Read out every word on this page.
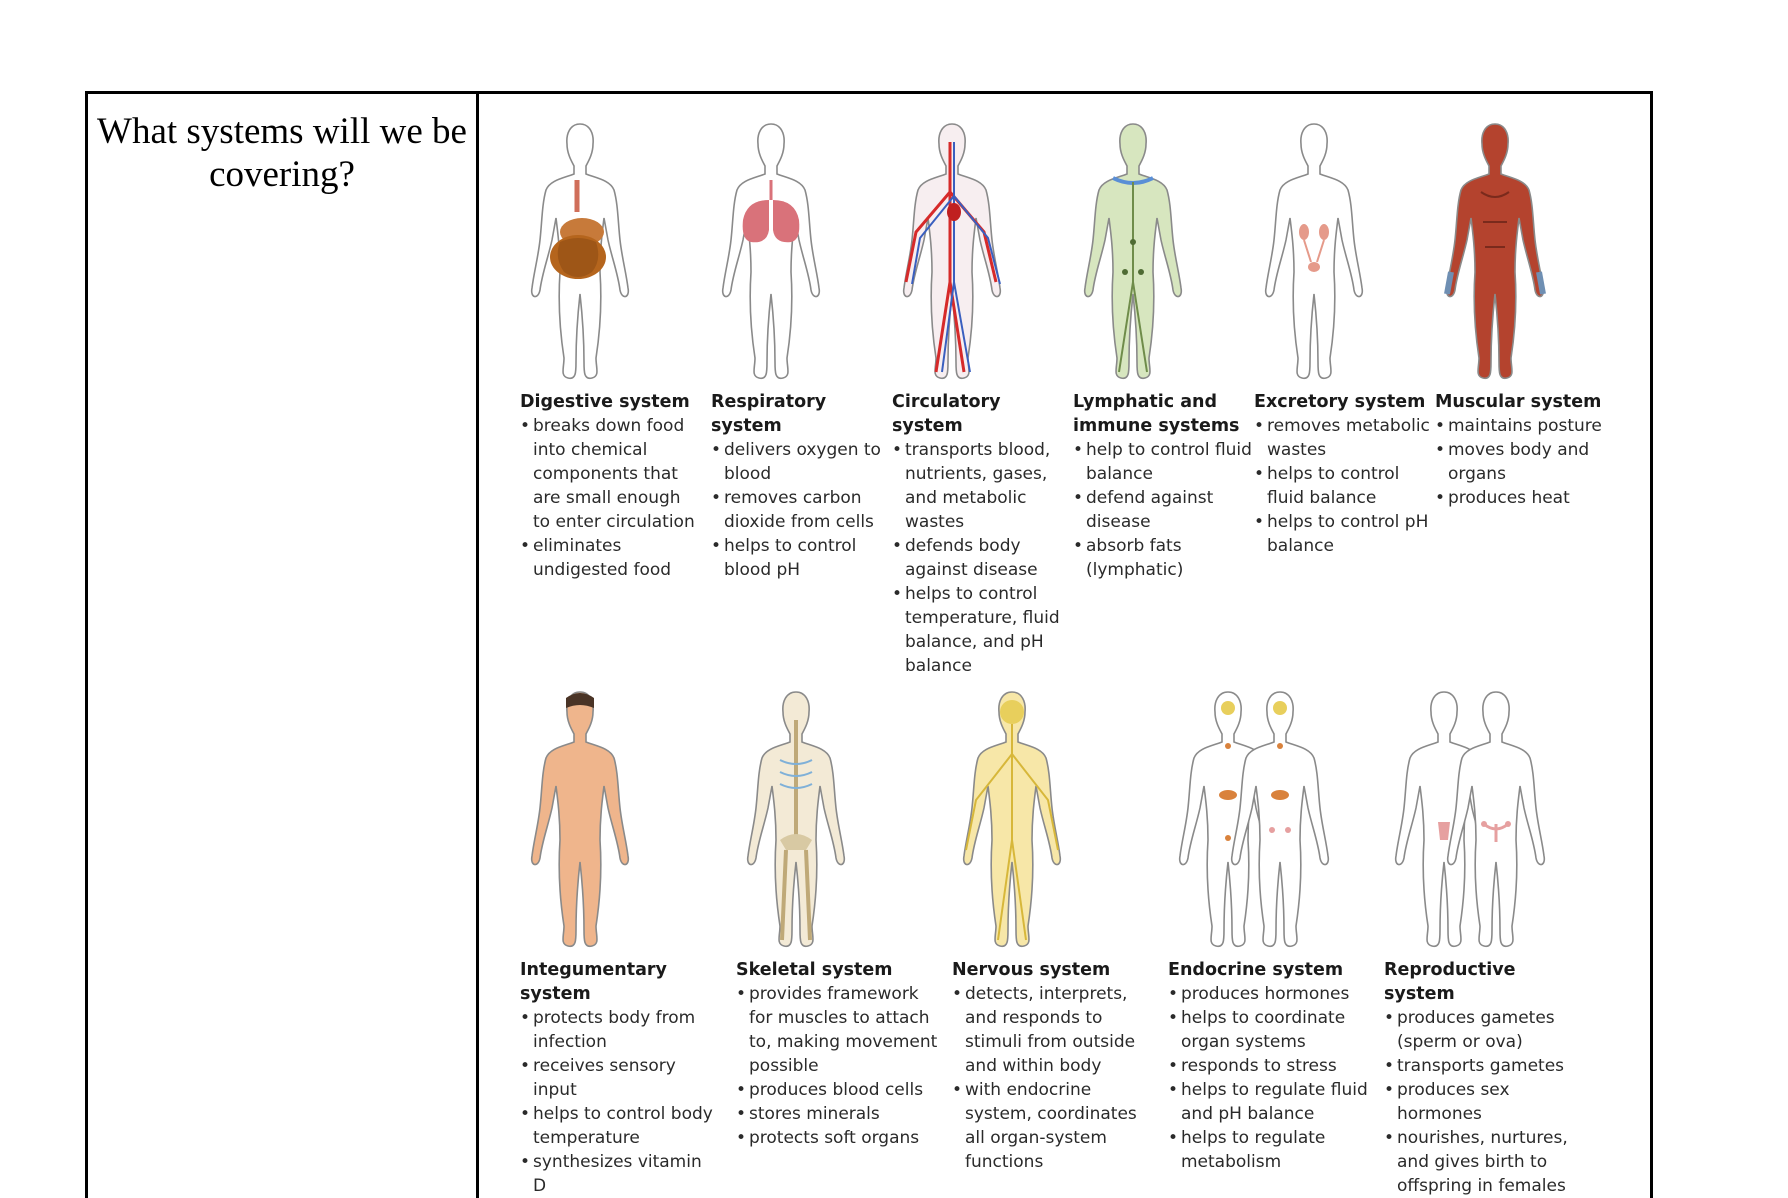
What systems will we be covering?
Digestive system
• breaks down food into chemical components that are small enough to enter circulation
• eliminates undigested food
Respiratory system
• delivers oxygen to blood
• removes carbon dioxide from cells
• helps to control blood pH
Circulatory system
• transports blood, nutrients, gases, and metabolic wastes
• defends body against disease
• helps to control temperature, fluid balance, and pH balance
Lymphatic and immune systems
• help to control fluid balance
• defend against disease
• absorb fats (lymphatic)
Excretory system
• removes metabolic wastes
• helps to control fluid balance
• helps to control pH balance
Muscular system
• maintains posture
• moves body and organs
• produces heat
Integumentary system
• protects body from infection
• receives sensory input
• helps to control body temperature
• synthesizes vitamin D
Skeletal system
• provides framework for muscles to attach to, making movement possible
• produces blood cells
• stores minerals
• protects soft organs
Nervous system
• detects, interprets, and responds to stimuli from outside and within body
• with endocrine system, coordinates all organ-system functions
Endocrine system
• produces hormones
• helps to coordinate organ systems
• responds to stress
• helps to regulate fluid and pH balance
• helps to regulate metabolism
Reproductive system
• produces gametes (sperm or ova)
• transports gametes
• produces sex hormones
• nourishes, nurtures, and gives birth to offspring in females
